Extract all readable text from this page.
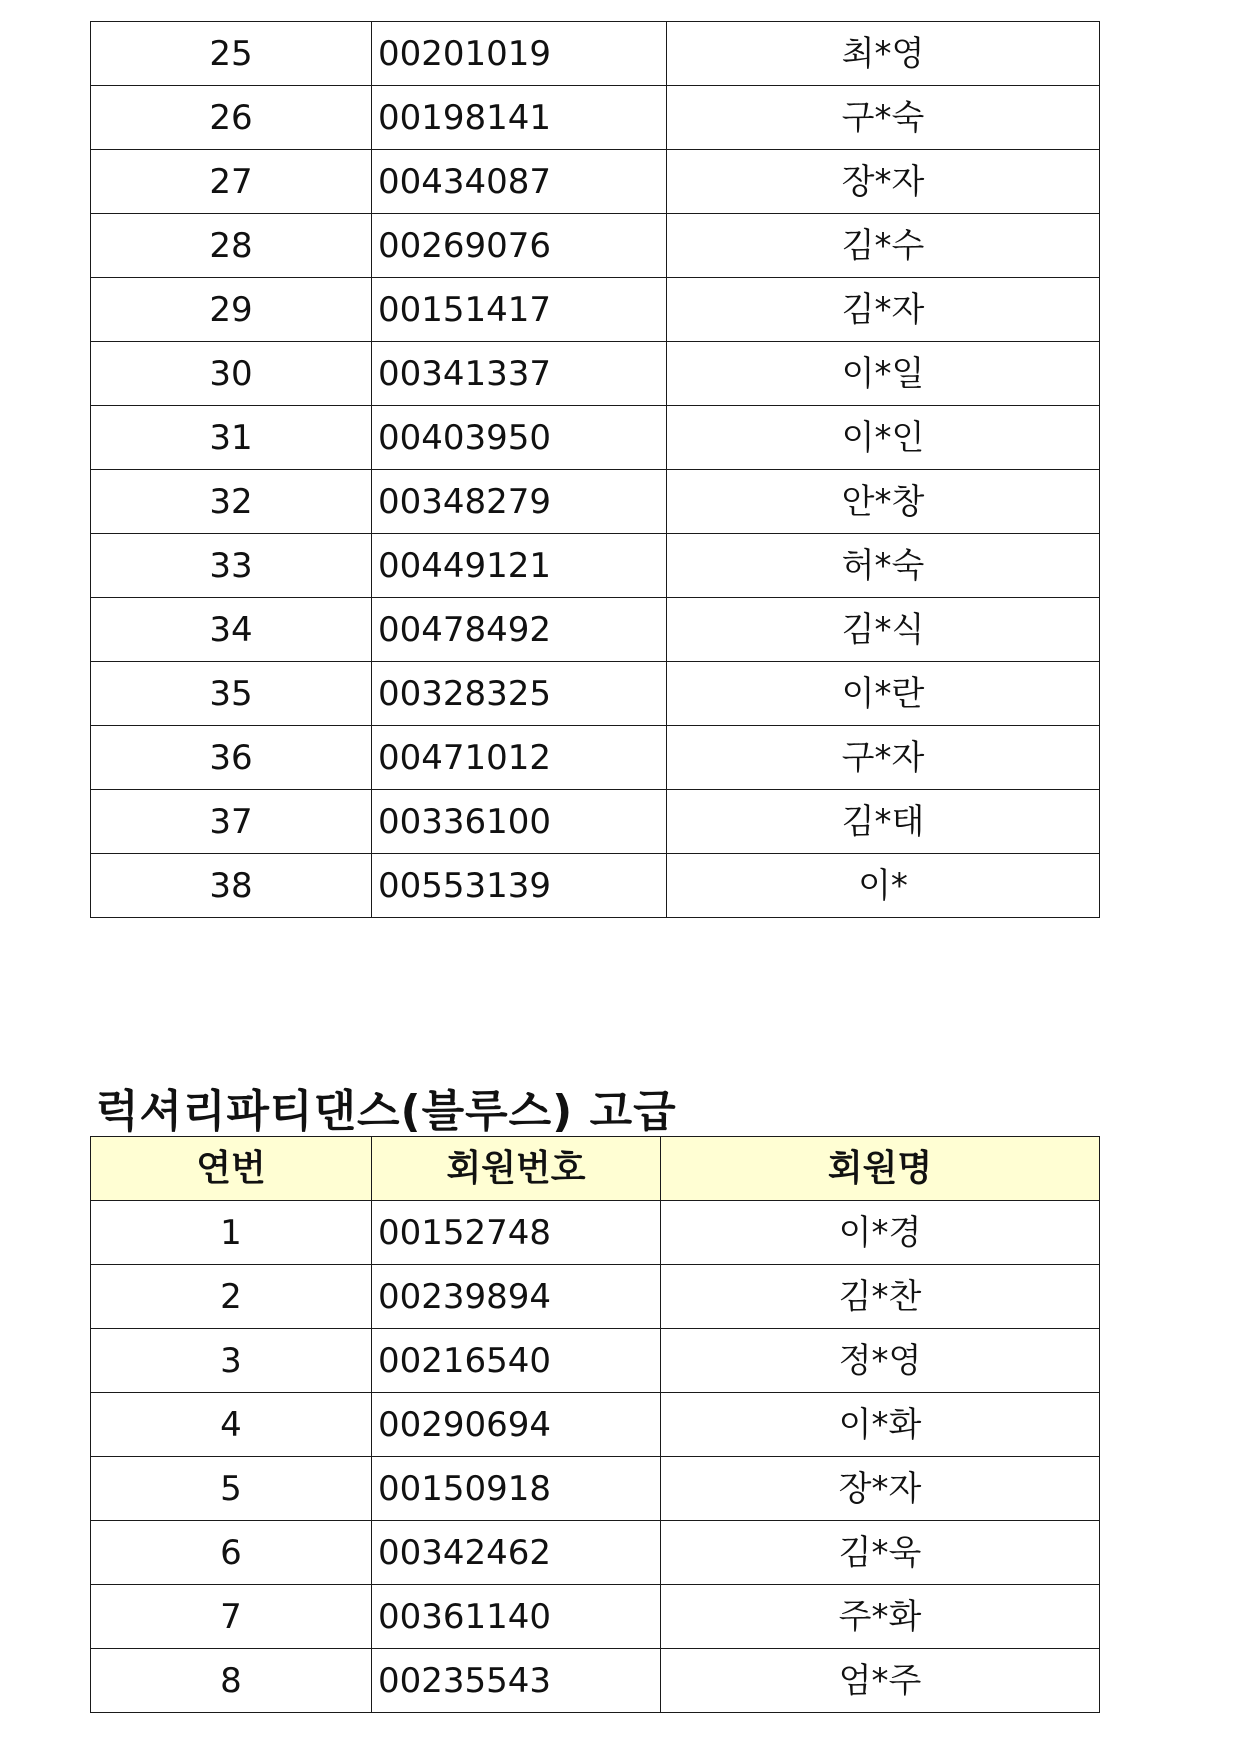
25	00201019	최*영
26	00198141	구*숙
27	00434087	장*자
28	00269076	김*수
29	00151417	김*자
30	00341337	이*일
31	00403950	이*인
32	00348279	안*창
33	00449121	허*숙
34	00478492	김*식
35	00328325	이*란
36	00471012	구*자
37	00336100	김*태
38	00553139	이*
럭셔리파티댄스(블루스) 고급
연번	회원번호	회원명
1	00152748	이*경
2	00239894	김*찬
3	00216540	정*영
4	00290694	이*화
5	00150918	장*자
6	00342462	김*욱
7	00361140	주*화
8	00235543	엄*주
